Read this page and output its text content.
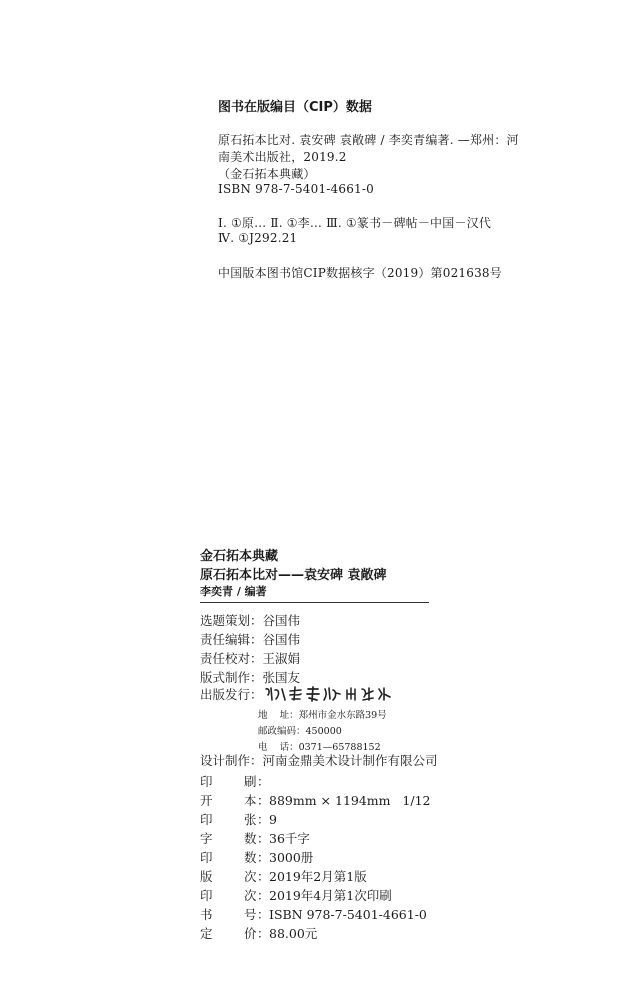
图书在版编目（CIP）数据
原石拓本比对. 袁安碑 袁敞碑 / 李奕青编著. —郑州：河
南美术出版社，2019.2
（金石拓本典藏）
ISBN 978-7-5401-4661-0
Ⅰ. ①原… Ⅱ. ①李… Ⅲ. ①篆书－碑帖－中国－汉代
Ⅳ. ①J292.21
中国版本图书馆CIP数据核字（2019）第021638号
金石拓本典藏
原石拓本比对——袁安碑 袁敞碑
李奕青 / 编著
选题策划：谷国伟
责任编辑：谷国伟
责任校对：王淑娟
版式制作：张国友
出版发行：
地    址：郑州市金水东路39号
邮政编码：450000
电    话：0371—65788152
设计制作：河南金鼎美术设计制作有限公司
印	刷：
开	本：889mm × 1194mm   1/12
印	张：9
字	数：36千字
印	数：3000册
版	次：2019年2月第1版
印	次：2019年4月第1次印刷
书	号：ISBN 978-7-5401-4661-0
定	价：88.00元
